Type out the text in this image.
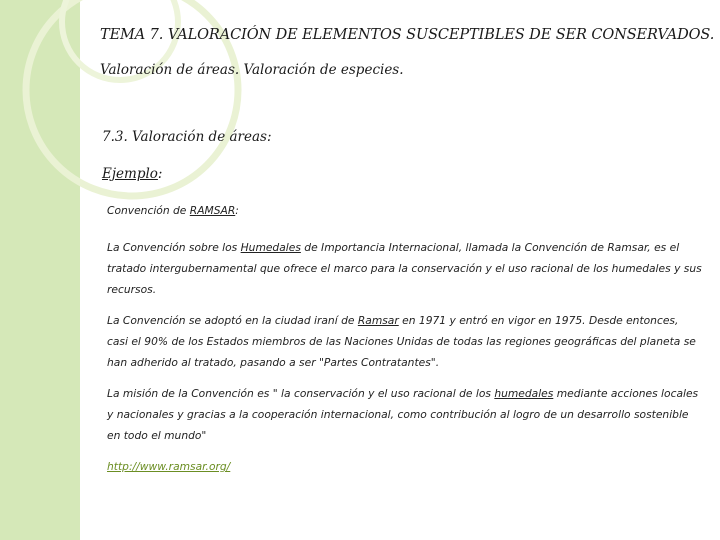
TEMA 7. VALORACIÓN DE ELEMENTOS SUSCEPTIBLES DE SER CONSERVADOS.
Valoración de áreas. Valoración de especies.
7.3. Valoración de áreas:
Ejemplo:

Convención de RAMSAR:

La Convención sobre los Humedales de Importancia Internacional, llamada la Convención de Ramsar, es el tratado intergubernamental que ofrece el marco para la conservación y el uso racional de los humedales y sus recursos.

La Convención se adoptó en la ciudad iraní de Ramsar en 1971 y entró en vigor en 1975. Desde entonces, casi el 90% de los Estados miembros de las Naciones Unidas de todas las regiones geográficas del planeta se han adherido al tratado, pasando a ser "Partes Contratantes".

La misión de la Convención es " la conservación y el uso racional de los humedales mediante acciones locales y nacionales y gracias a la cooperación internacional, como contribución al logro de un desarrollo sostenible en todo el mundo"

http://www.ramsar.org/
